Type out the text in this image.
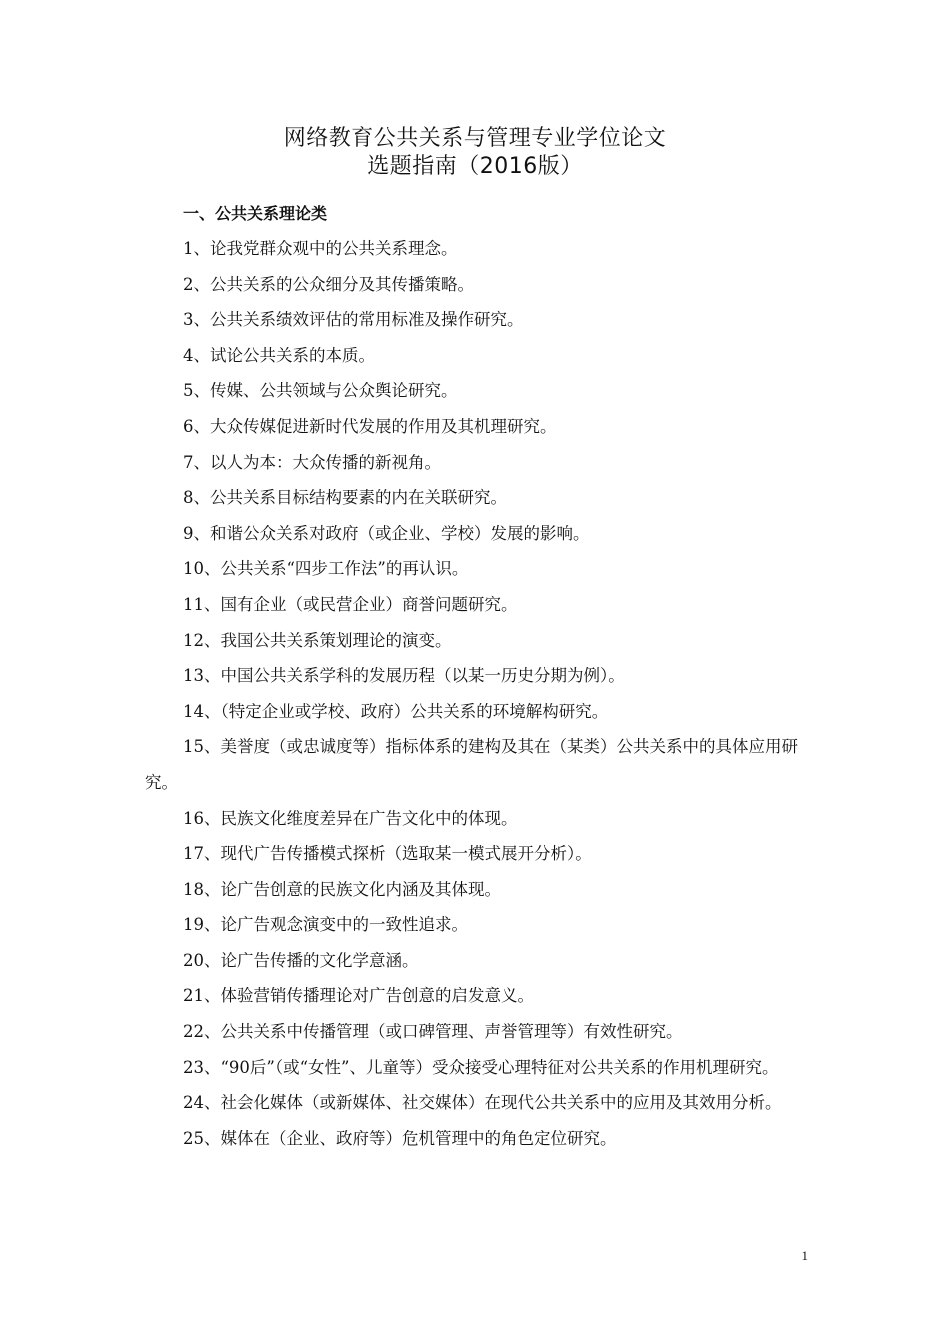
网络教育公共关系与管理专业学位论文
选题指南（2016版）
一、公共关系理论类

1、论我党群众观中的公共关系理念。

2、公共关系的公众细分及其传播策略。

3、公共关系绩效评估的常用标准及操作研究。

4、试论公共关系的本质。

5、传媒、公共领域与公众舆论研究。

6、大众传媒促进新时代发展的作用及其机理研究。

7、以人为本：大众传播的新视角。

8、公共关系目标结构要素的内在关联研究。

9、和谐公众关系对政府（或企业、学校）发展的影响。

10、公共关系“四步工作法”的再认识。

11、国有企业（或民营企业）商誉问题研究。

12、我国公共关系策划理论的演变。

13、中国公共关系学科的发展历程（以某一历史分期为例）。

14、（特定企业或学校、政府）公共关系的环境解构研究。

15、美誉度（或忠诚度等）指标体系的建构及其在（某类）公共关系中的具体应用研究。

16、民族文化维度差异在广告文化中的体现。

17、现代广告传播模式探析（选取某一模式展开分析）。

18、论广告创意的民族文化内涵及其体现。

19、论广告观念演变中的一致性追求。

20、论广告传播的文化学意涵。

21、体验营销传播理论对广告创意的启发意义。

22、公共关系中传播管理（或口碑管理、声誉管理等）有效性研究。

23、“90后”（或“女性”、儿童等）受众接受心理特征对公共关系的作用机理研究。

24、社会化媒体（或新媒体、社交媒体）在现代公共关系中的应用及其效用分析。

25、媒体在（企业、政府等）危机管理中的角色定位研究。

1
